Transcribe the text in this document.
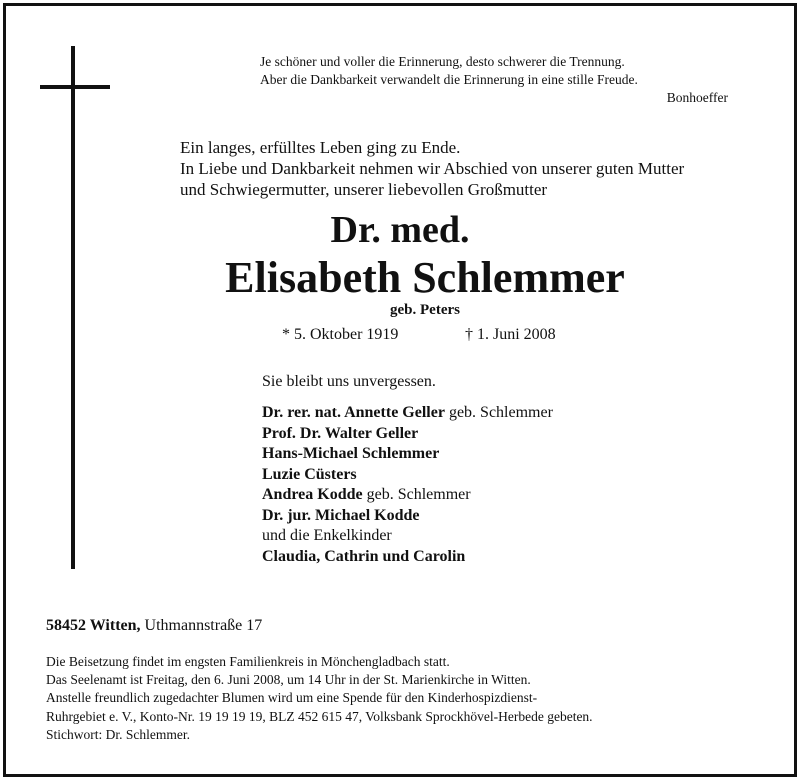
Je schöner und voller die Erinnerung, desto schwerer die Trennung.
Aber die Dankbarkeit verwandelt die Erinnerung in eine stille Freude.
Bonhoeffer
Ein langes, erfülltes Leben ging zu Ende.
In Liebe und Dankbarkeit nehmen wir Abschied von unserer guten Mutter
und Schwiegermutter, unserer liebevollen Großmutter
Dr. med.
Elisabeth Schlemmer
geb. Peters
* 5. Oktober 1919	† 1. Juni 2008
Sie bleibt uns unvergessen.
Dr. rer. nat. Annette Geller geb. Schlemmer
Prof. Dr. Walter Geller
Hans-Michael Schlemmer
Luzie Cüsters
Andrea Kodde geb. Schlemmer
Dr. jur. Michael Kodde
und die Enkelkinder
Claudia, Cathrin und Carolin
58452 Witten, Uthmannstraße 17
Die Beisetzung findet im engsten Familienkreis in Mönchengladbach statt.
Das Seelenamt ist Freitag, den 6. Juni 2008, um 14 Uhr in der St. Marienkirche in Witten.
Anstelle freundlich zugedachter Blumen wird um eine Spende für den Kinderhospizdienst-
Ruhrgebiet e. V., Konto-Nr. 19 19 19 19, BLZ 452 615 47, Volksbank Sprockhövel-Herbede gebeten.
Stichwort: Dr. Schlemmer.
